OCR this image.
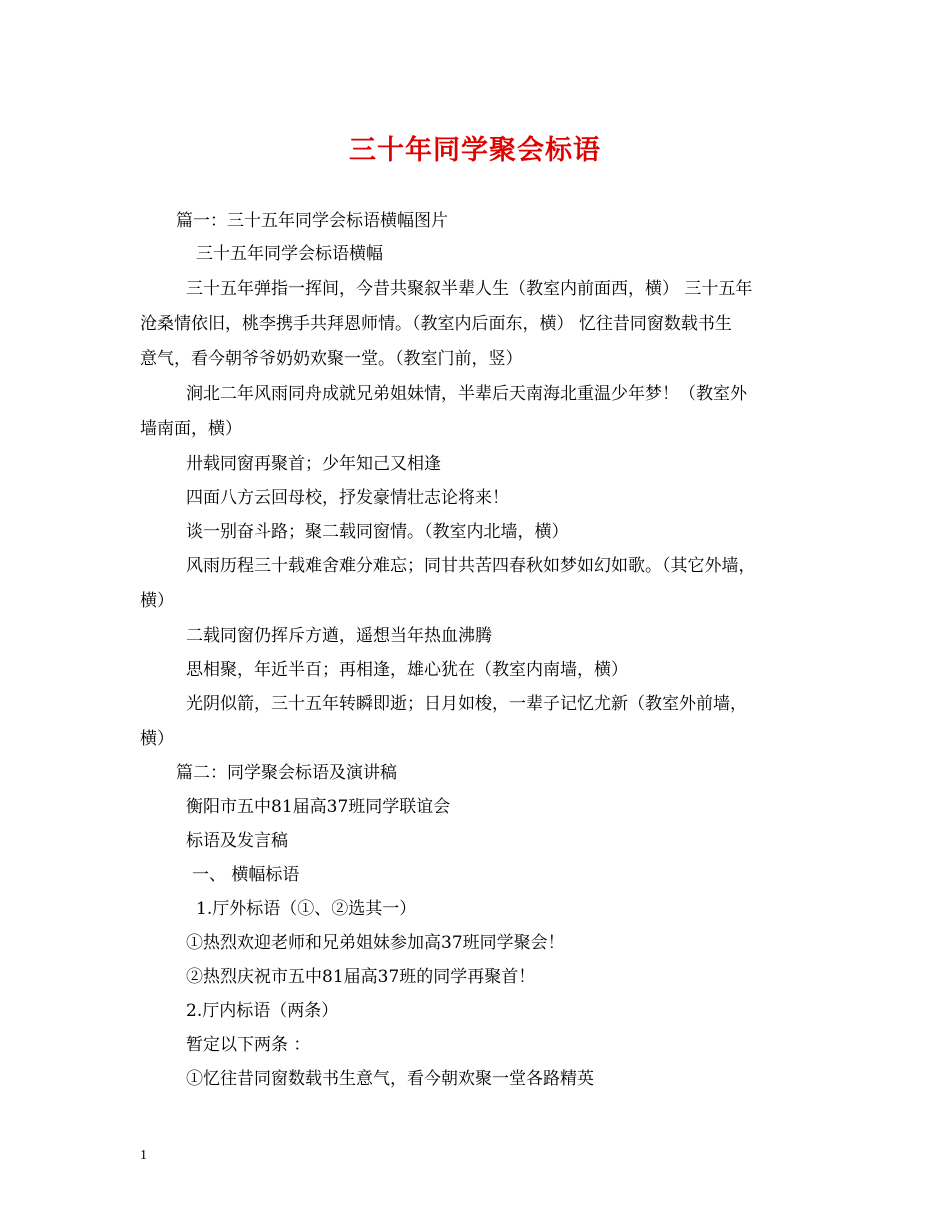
三十年同学聚会标语

篇一：三十五年同学会标语横幅图片

三十五年同学会标语横幅

三十五年弹指一挥间，今昔共聚叙半辈人生（教室内前面西，横） 三十五年

沧桑情依旧，桃李携手共拜恩师情。（教室内后面东，横） 忆往昔同窗数载书生

意气，看今朝爷爷奶奶欢聚一堂。（教室门前，竖）

涧北二年风雨同舟成就兄弟姐妹情，半辈后天南海北重温少年梦！（教室外

墙南面，横）

卅载同窗再聚首；少年知己又相逢

四面八方云回母校，抒发豪情壮志论将来！

谈一别奋斗路；聚二载同窗情。（教室内北墙，横）

风雨历程三十载难舍难分难忘；同甘共苦四春秋如梦如幻如歌。（其它外墙，

横）

二载同窗仍挥斥方遒，遥想当年热血沸腾

思相聚，年近半百；再相逢，雄心犹在（教室内南墙，横）

光阴似箭，三十五年转瞬即逝；日月如梭，一辈子记忆尤新（教室外前墙，

横）

篇二：同学聚会标语及演讲稿

衡阳市五中81届高37班同学联谊会

标语及发言稿

一、 横幅标语

1.厅外标语（①、②选其一）

①热烈欢迎老师和兄弟姐妹参加高37班同学聚会！

②热烈庆祝市五中81届高37班的同学再聚首！

2.厅内标语（两条）

暂定以下两条 ：

①忆往昔同窗数载书生意气，看今朝欢聚一堂各路精英

1
